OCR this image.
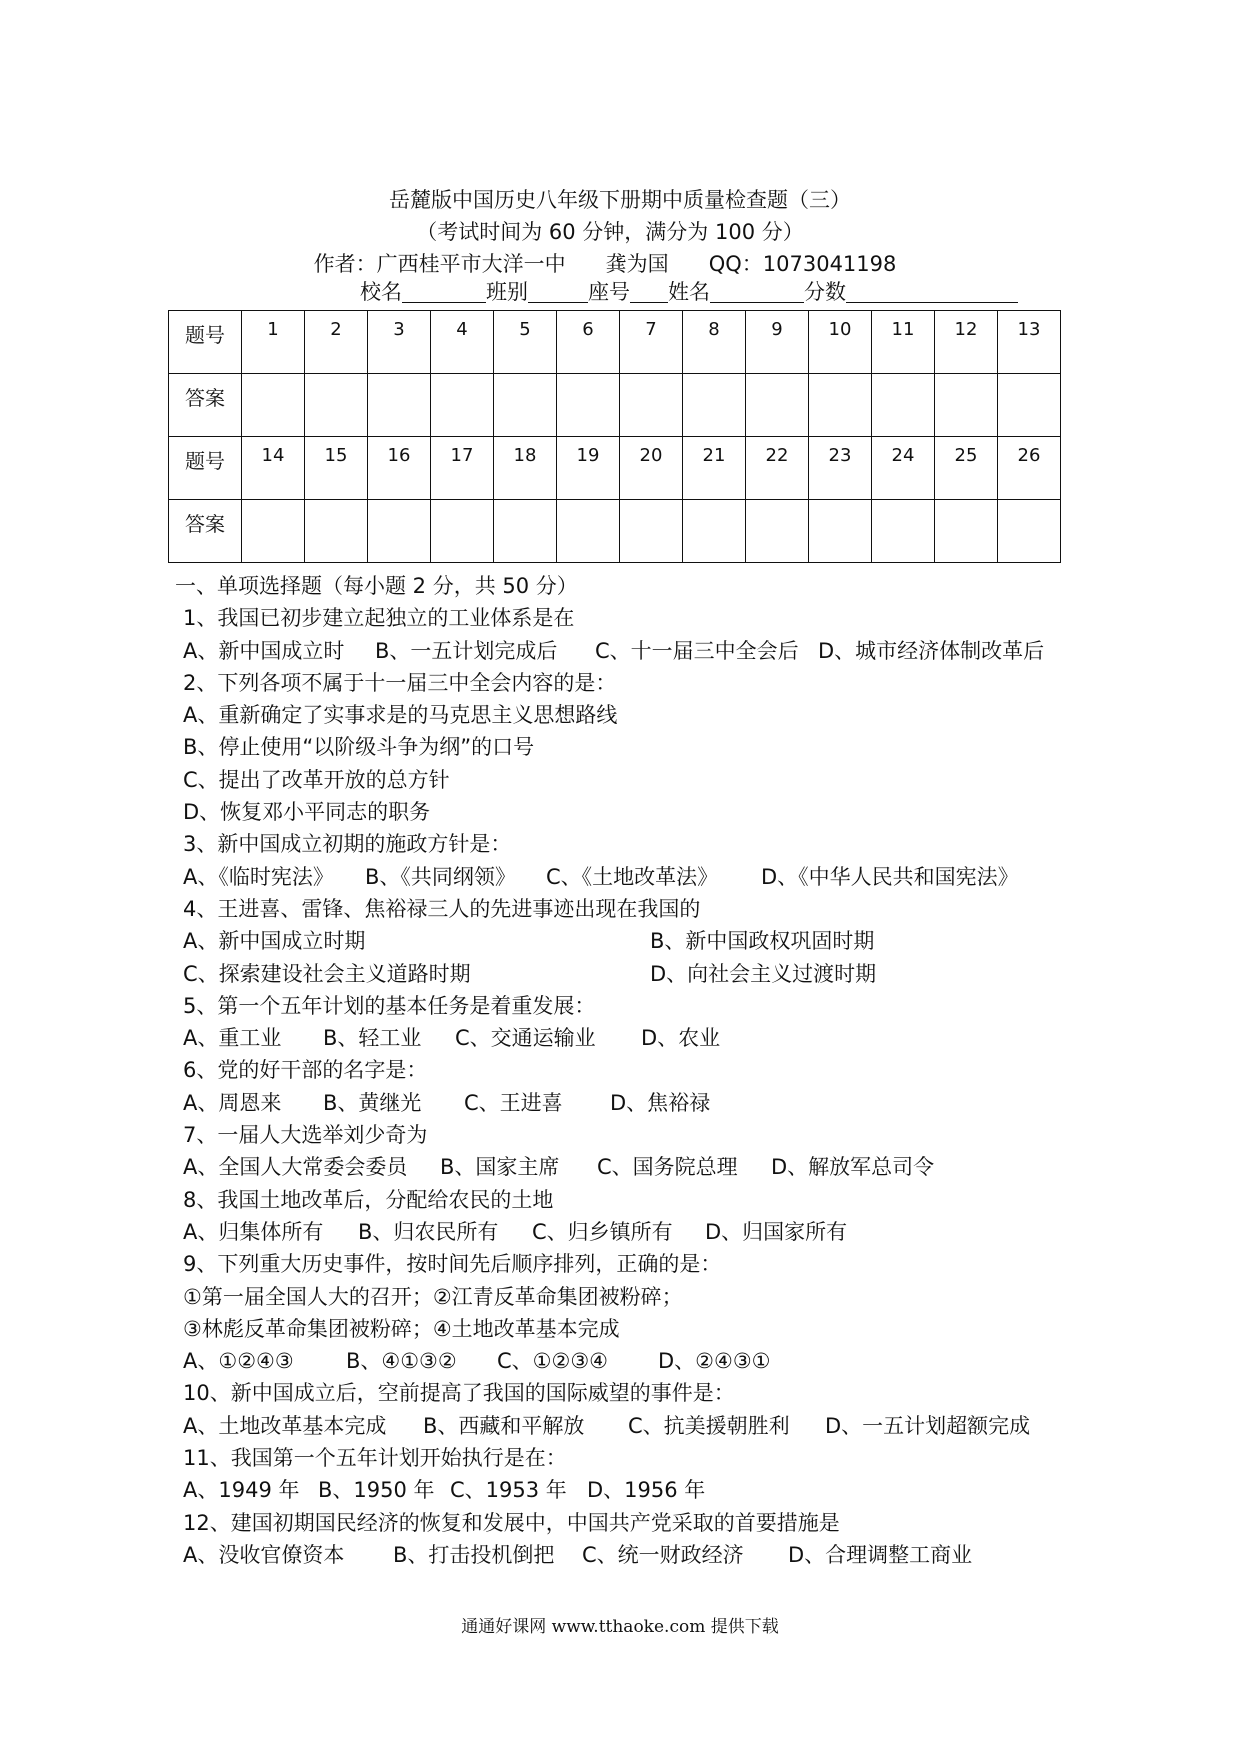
岳麓版中国历史八年级下册期中质量检查题（三）
（考试时间为 60 分钟，满分为 100 分）
作者：广西桂平市大洋一中      龚为国      QQ：1073041198
校名	班别	座号 姓名	分数
题号	1	2	3	4	5	6	7	8	9	10	11	12	13
答案													
题号	14	15	16	17	18	19	20	21	22	23	24	25	26
答案													
一、单项选择题（每小题 2 分，共 50 分）
1、我国已初步建立起独立的工业体系是在
A、新中国成立时 B、一五计划完成后 C、十一届三中全会后 D、城市经济体制改革后
2、下列各项不属于十一届三中全会内容的是：
A、重新确定了实事求是的马克思主义思想路线
B、停止使用“以阶级斗争为纲”的口号
C、提出了改革开放的总方针
D、恢复邓小平同志的职务
3、新中国成立初期的施政方针是：
A、《临时宪法》 B、《共同纲领》 C、《土地改革法》 D、《中华人民共和国宪法》
4、王进喜、雷锋、焦裕禄三人的先进事迹出现在我国的
A、新中国成立时期	B、新中国政权巩固时期
C、探索建设社会主义道路时期	D、向社会主义过渡时期
5、第一个五年计划的基本任务是着重发展：
A、重工业 B、轻工业 C、交通运输业 D、农业
6、党的好干部的名字是：
A、周恩来 B、黄继光 C、王进喜 D、焦裕禄
7、一届人大选举刘少奇为
A、全国人大常委会委员 B、国家主席 C、国务院总理 D、解放军总司令
8、我国土地改革后，分配给农民的土地
A、归集体所有 B、归农民所有 C、归乡镇所有 D、归国家所有
9、下列重大历史事件，按时间先后顺序排列，正确的是：
①第一届全国人大的召开；②江青反革命集团被粉碎；
③林彪反革命集团被粉碎；④土地改革基本完成
A、①②④③ B、④①③② C、①②③④ D、②④③①
10、新中国成立后，空前提高了我国的国际威望的事件是：
A、土地改革基本完成 B、西藏和平解放 C、抗美援朝胜利 D、一五计划超额完成
11、我国第一个五年计划开始执行是在：
A、1949 年 B、1950 年 C、1953 年 D、1956 年
12、建国初期国民经济的恢复和发展中，中国共产党采取的首要措施是
A、没收官僚资本 B、打击投机倒把 C、统一财政经济 D、合理调整工商业
通通好课网 www.tthaoke.com 提供下载
